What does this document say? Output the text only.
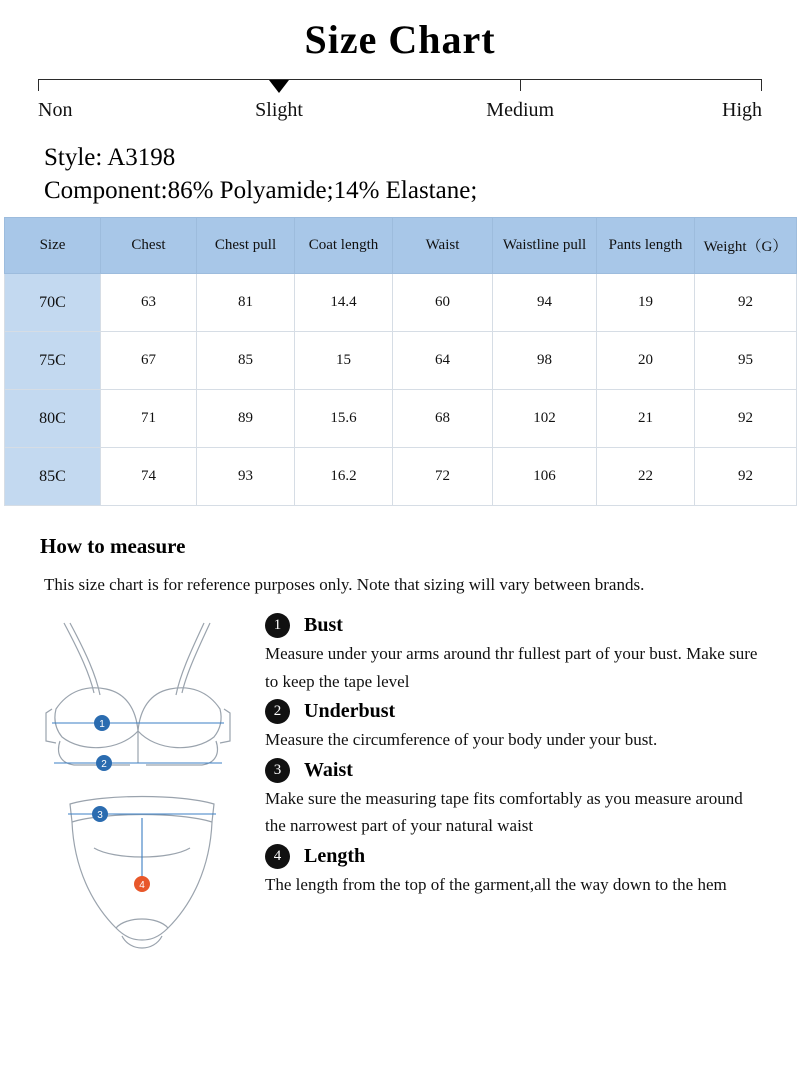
Size Chart
Non	Slight	Medium	High
Style: A3198
Component:86% Polyamide;14% Elastane;
Size	Chest	Chest pull	Coat length	Waist	Waistline pull	Pants length	Weight（G）
70C	63	81	14.4	60	94	19	92
75C	67	85	15	64	98	20	95
80C	71	89	15.6	68	102	21	92
85C	74	93	16.2	72	106	22	92
How to measure
This size chart is for reference purposes only. Note that sizing will vary between brands.
1
2
3
4
1	Bust

Measure under your arms around thr fullest part of your bust. Make sure to keep the tape level

2	Underbust

Measure the circumference of your body under your bust.

3	Waist

Make sure the measuring tape fits comfortably as you measure around the narrowest part of your natural waist

4	Length

The length from the top of the garment,all the way down to the hem
